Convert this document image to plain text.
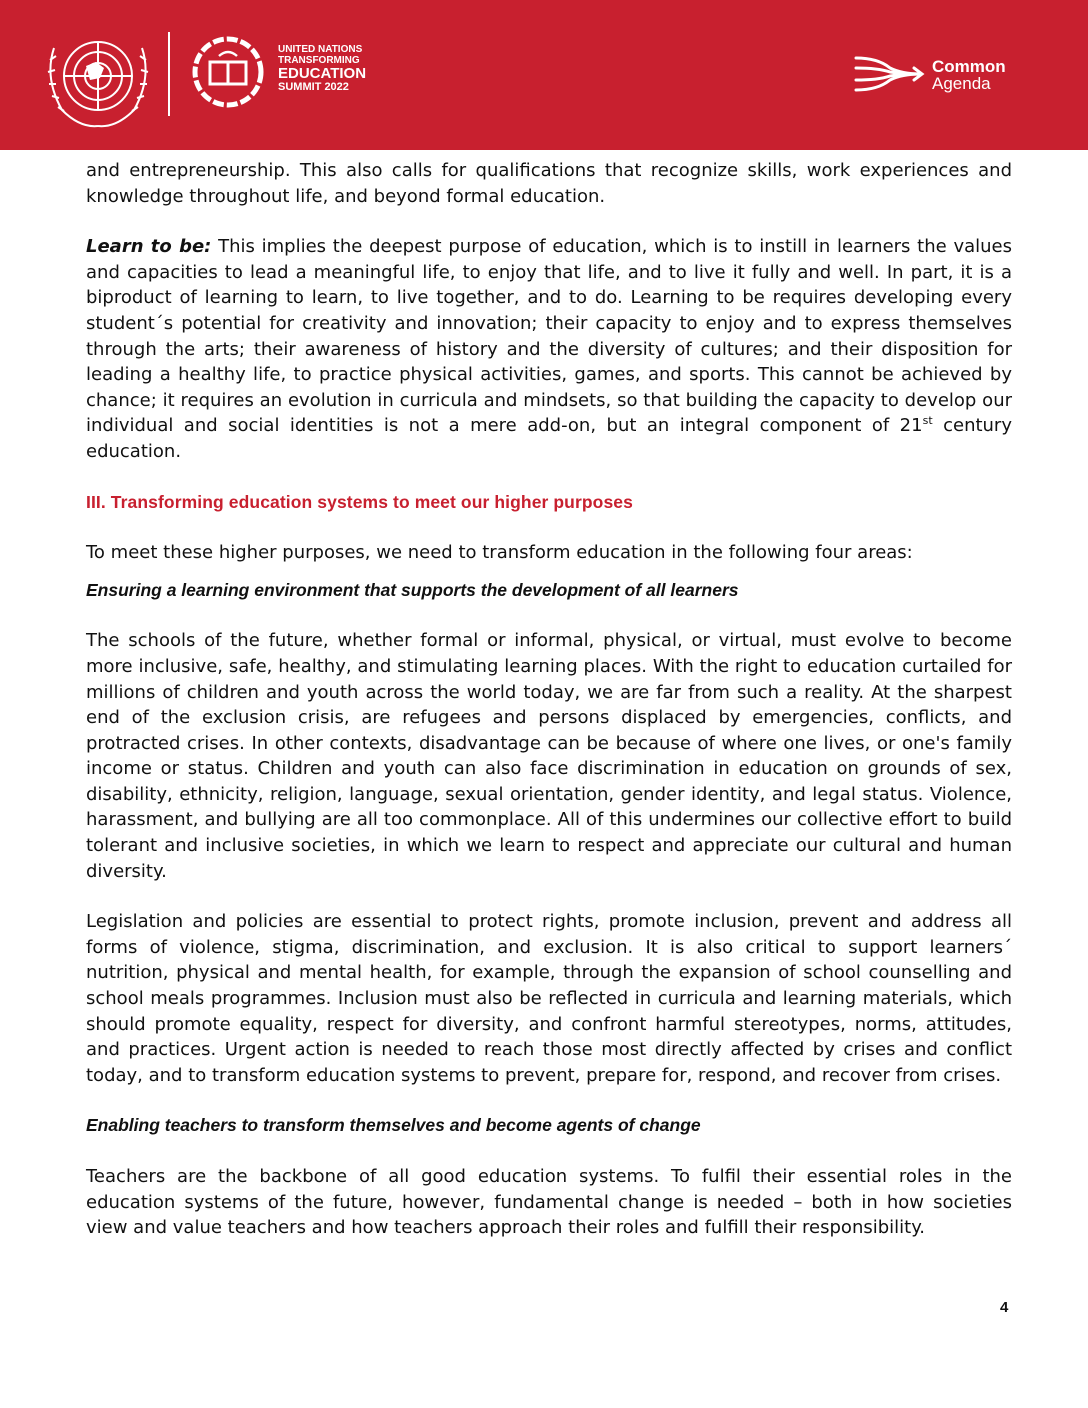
UNITED NATIONS
TRANSFORMING
EDUCATION
SUMMIT 2022
Common
Agenda

and entrepreneurship. This also calls for qualifications that recognize skills, work experiences and knowledge throughout life, and beyond formal education.

Learn to be: This implies the deepest purpose of education, which is to instill in learners the values and capacities to lead a meaningful life, to enjoy that life, and to live it fully and well. In part, it is a biproduct of learning to learn, to live together, and to do. Learning to be requires developing every student´s potential for creativity and innovation; their capacity to enjoy and to express themselves through the arts; their awareness of history and the diversity of cultures; and their disposition for leading a healthy life, to practice physical activities, games, and sports. This cannot be achieved by chance; it requires an evolution in curricula and mindsets, so that building the capacity to develop our individual and social identities is not a mere add-on, but an integral component of 21st century education.

III. Transforming education systems to meet our higher purposes

To meet these higher purposes, we need to transform education in the following four areas:

Ensuring a learning environment that supports the development of all learners

The schools of the future, whether formal or informal, physical, or virtual, must evolve to become more inclusive, safe, healthy, and stimulating learning places. With the right to education curtailed for millions of children and youth across the world today, we are far from such a reality. At the sharpest end of the exclusion crisis, are refugees and persons displaced by emergencies, conflicts, and protracted crises. In other contexts, disadvantage can be because of where one lives, or one's family income or status. Children and youth can also face discrimination in education on grounds of sex, disability, ethnicity, religion, language, sexual orientation, gender identity, and legal status. Violence, harassment, and bullying are all too commonplace. All of this undermines our collective effort to build tolerant and inclusive societies, in which we learn to respect and appreciate our cultural and human diversity.

Legislation and policies are essential to protect rights, promote inclusion, prevent and address all forms of violence, stigma, discrimination, and exclusion. It is also critical to support learners´ nutrition, physical and mental health, for example, through the expansion of school counselling and school meals programmes. Inclusion must also be reflected in curricula and learning materials, which should promote equality, respect for diversity, and confront harmful stereotypes, norms, attitudes, and practices. Urgent action is needed to reach those most directly affected by crises and conflict today, and to transform education systems to prevent, prepare for, respond, and recover from crises.

Enabling teachers to transform themselves and become agents of change

Teachers are the backbone of all good education systems. To fulfil their essential roles in the education systems of the future, however, fundamental change is needed – both in how societies view and value teachers and how teachers approach their roles and fulfill their responsibility.

4
